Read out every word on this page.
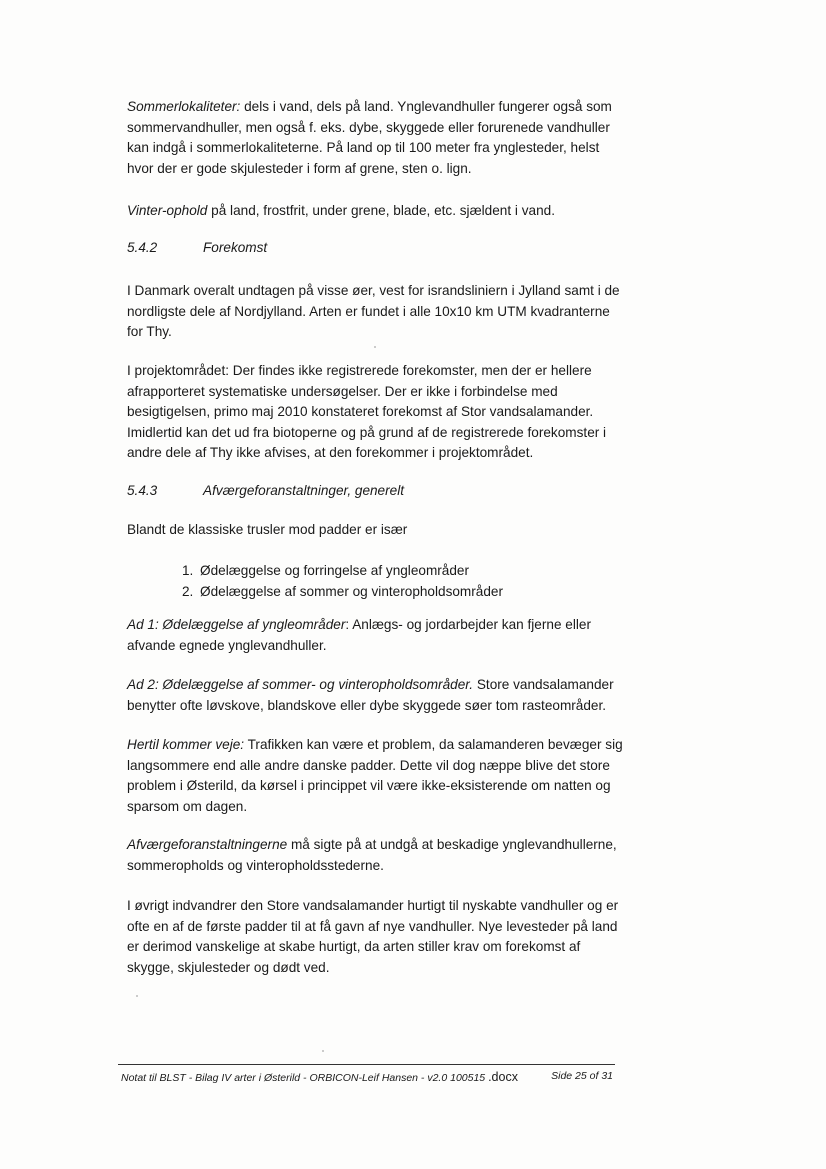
Sommerlokaliteter: dels i vand, dels på land. Ynglevandhuller fungerer også som
sommervandhuller, men også f. eks. dybe, skyggede eller forurenede vandhuller
kan indgå i sommerlokaliteterne. På land op til 100 meter fra ynglesteder, helst
hvor der er gode skjulesteder i form af grene, sten o. lign.

Vinter-ophold på land, frostfrit, under grene, blade, etc. sjældent i vand.

5.4.2	Forekomst

I Danmark overalt undtagen på visse øer, vest for israndsliniern i Jylland samt i de
nordligste dele af Nordjylland. Arten er fundet i alle 10x10 km UTM kvadranterne
for Thy.

I projektområdet: Der findes ikke registrerede forekomster, men der er hellere
afrapporteret systematiske undersøgelser. Der er ikke i forbindelse med
besigtigelsen, primo maj 2010 konstateret forekomst af Stor vandsalamander.
Imidlertid kan det ud fra biotoperne og på grund af de registrerede forekomster i
andre dele af Thy ikke afvises, at den forekommer i projektområdet.

5.4.3	Afværgeforanstaltninger, generelt

Blandt de klassiske trusler mod padder er især

1. Ødelæggelse og forringelse af yngleområder
2. Ødelæggelse af sommer og vinteropholdsområder

Ad 1: Ødelæggelse af yngleområder: Anlægs- og jordarbejder kan fjerne eller
afvande egnede ynglevandhuller.

Ad 2: Ødelæggelse af sommer- og vinteropholdsområder. Store vandsalamander
benytter ofte løvskove, blandskove eller dybe skyggede søer tom rasteområder.

Hertil kommer veje: Trafikken kan være et problem, da salamanderen bevæger sig
langsommere end alle andre danske padder. Dette vil dog næppe blive det store
problem i Østerild, da kørsel i princippet vil være ikke-eksisterende om natten og
sparsom om dagen.

Afværgeforanstaltningerne må sigte på at undgå at beskadige ynglevandhullerne,
sommeropholds og vinteropholdsstederne.

I øvrigt indvandrer den Store vandsalamander hurtigt til nyskabte vandhuller og er
ofte en af de første padder til at få gavn af nye vandhuller. Nye levesteder på land
er derimod vanskelige at skabe hurtigt, da arten stiller krav om forekomst af
skygge, skjulesteder og dødt ved.

Notat til BLST - Bilag IV arter i Østerild - ORBICON-Leif Hansen - v2.0 100515 .docx	Side 25 of 31
